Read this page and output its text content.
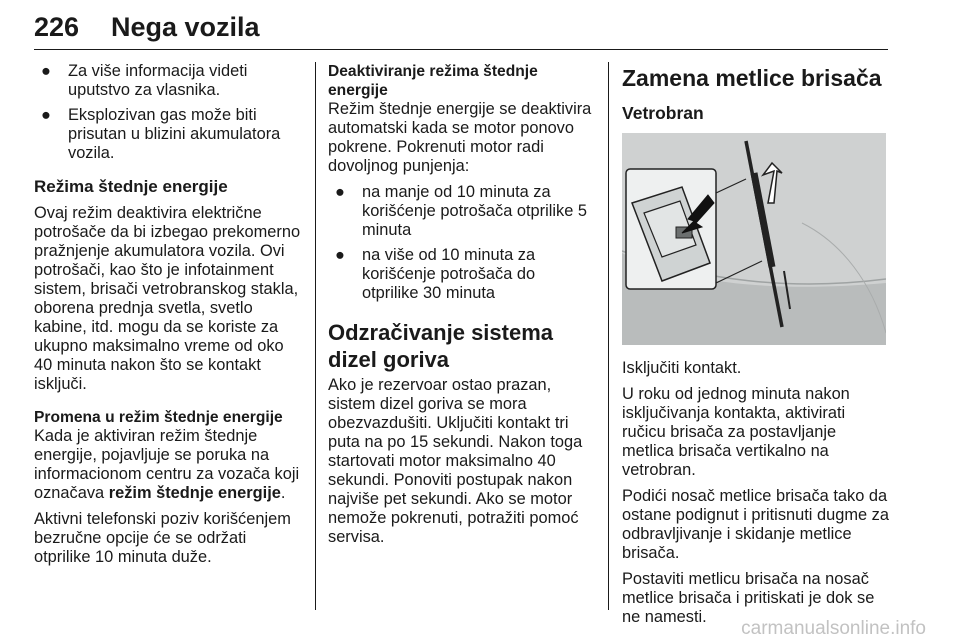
226 Nega vozila
● Za više informacija videti uputstvo za vlasnika.
● Eksplozivan gas može biti prisutan u blizini akumulatora vozila.
Režima štednje energije

Ovaj režim deaktivira električne potrošače da bi izbegao prekomerno pražnjenje akumulatora vozila. Ovi potrošači, kao što je infotainment sistem, brisači vetrobranskog stakla, oborena prednja svetla, svetlo kabine, itd. mogu da se koriste za ukupno maksimalno vreme od oko 40 minuta nakon što se kontakt isključi.

Promena u režim štednje energije

Kada je aktiviran režim štednje energije, pojavljuje se poruka na informacionom centru za vozača koji označava režim štednje energije.

Aktivni telefonski poziv korišćenjem bezručne opcije će se održati otprilike 10 minuta duže.

Deaktiviranje režima štednje energije

Režim štednje energije se deaktivira automatski kada se motor ponovo pokrene. Pokrenuti motor radi dovoljnog punjenja:

● na manje od 10 minuta za korišćenje potrošača otprilike 5 minuta
● na više od 10 minuta za korišćenje potrošača do otprilike 30 minuta
Odzračivanje sistema dizel goriva

Ako je rezervoar ostao prazan, sistem dizel goriva se mora obezvazdušiti. Uključiti kontakt tri puta na po 15 sekundi. Nakon toga startovati motor maksimalno 40 sekundi. Ponoviti postupak nakon najviše pet sekundi. Ako se motor nemože pokrenuti, potražiti pomoć servisa.

Zamena metlice brisača
Vetrobran

Isključiti kontakt.

U roku od jednog minuta nakon isključivanja kontakta, aktivirati ručicu brisača za postavljanje metlica brisača vertikalno na vetrobran.

Podići nosač metlice brisača tako da ostane podignut i pritisnuti dugme za odbravljivanje i skidanje metlice brisača.

Postaviti metlicu brisača na nosač metlice brisača i pritiskati je dok se ne namesti.

carmanualsonline.info
